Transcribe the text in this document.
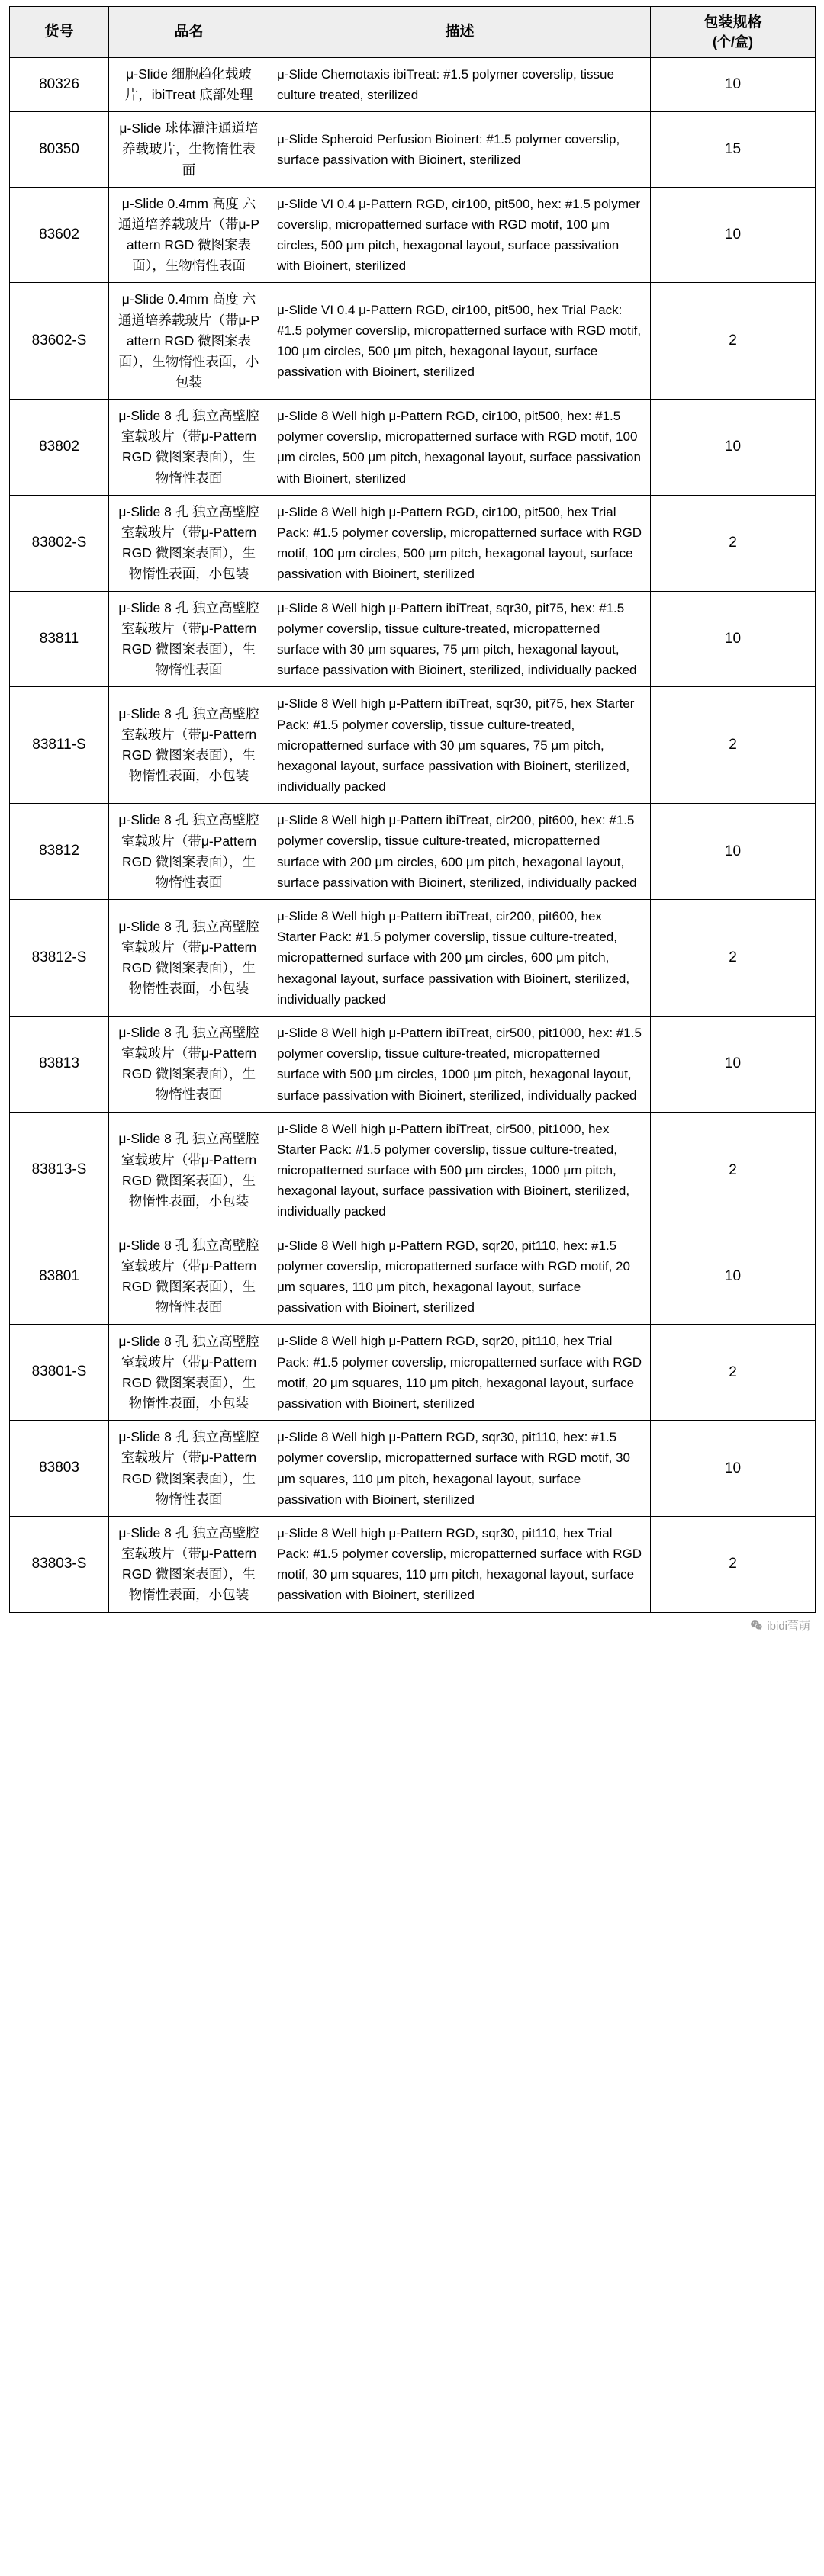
货号	品名	描述	包装规格
(个/盒)

80326	μ-Slide 细胞趋化载玻片，ibiTreat 底部处理	μ-Slide Chemotaxis ibiTreat: #1.5 polymer coverslip, tissue culture treated, sterilized	10
80350	μ-Slide 球体灌注通道培养载玻片，生物惰性表面	μ-Slide Spheroid Perfusion Bioinert: #1.5 polymer coverslip, surface passivation with Bioinert, sterilized	15
83602	μ-Slide 0.4mm 高度 六通道培养载玻片（带μ-Pattern RGD 微图案表面），生物惰性表面	μ-Slide VI 0.4 μ-Pattern RGD, cir100, pit500, hex: #1.5 polymer coverslip, micropatterned surface with RGD motif, 100 μm circles, 500 μm pitch, hexagonal layout, surface passivation with Bioinert, sterilized	10
83602-S	μ-Slide 0.4mm 高度 六通道培养载玻片（带μ-Pattern RGD 微图案表面），生物惰性表面，小包装	μ-Slide VI 0.4 μ-Pattern RGD, cir100, pit500, hex Trial Pack: #1.5 polymer coverslip, micropatterned surface with RGD motif, 100 μm circles, 500 μm pitch, hexagonal layout, surface passivation with Bioinert, sterilized	2
83802	μ-Slide 8 孔 独立高壁腔室载玻片（带μ-Pattern RGD 微图案表面），生物惰性表面	μ-Slide 8 Well high μ-Pattern RGD, cir100, pit500, hex: #1.5 polymer coverslip, micropatterned surface with RGD motif, 100 μm circles, 500 μm pitch, hexagonal layout, surface passivation with Bioinert, sterilized	10
83802-S	μ-Slide 8 孔 独立高壁腔室载玻片（带μ-Pattern RGD 微图案表面），生物惰性表面，小包装	μ-Slide 8 Well high μ-Pattern RGD, cir100, pit500, hex Trial Pack: #1.5 polymer coverslip, micropatterned surface with RGD motif, 100 μm circles, 500 μm pitch, hexagonal layout, surface passivation with Bioinert, sterilized	2
83811	μ-Slide 8 孔 独立高壁腔室载玻片（带μ-Pattern RGD 微图案表面），生物惰性表面	μ-Slide 8 Well high μ-Pattern ibiTreat, sqr30, pit75, hex: #1.5 polymer coverslip, tissue culture-treated, micropatterned surface with 30 μm squares, 75 μm pitch, hexagonal layout, surface passivation with Bioinert, sterilized, individually packed	10
83811-S	μ-Slide 8 孔 独立高壁腔室载玻片（带μ-Pattern RGD 微图案表面），生物惰性表面，小包装	μ-Slide 8 Well high μ-Pattern ibiTreat, sqr30, pit75, hex Starter Pack: #1.5 polymer coverslip, tissue culture-treated, micropatterned surface with 30 μm squares, 75 μm pitch, hexagonal layout, surface passivation with Bioinert, sterilized, individually packed	2
83812	μ-Slide 8 孔 独立高壁腔室载玻片（带μ-Pattern RGD 微图案表面），生物惰性表面	μ-Slide 8 Well high μ-Pattern ibiTreat, cir200, pit600, hex: #1.5 polymer coverslip, tissue culture-treated, micropatterned surface with 200 μm circles, 600 μm pitch, hexagonal layout, surface passivation with Bioinert, sterilized, individually packed	10
83812-S	μ-Slide 8 孔 独立高壁腔室载玻片（带μ-Pattern RGD 微图案表面），生物惰性表面，小包装	μ-Slide 8 Well high μ-Pattern ibiTreat, cir200, pit600, hex Starter Pack: #1.5 polymer coverslip, tissue culture-treated, micropatterned surface with 200 μm circles, 600 μm pitch, hexagonal layout, surface passivation with Bioinert, sterilized, individually packed	2
83813	μ-Slide 8 孔 独立高壁腔室载玻片（带μ-Pattern RGD 微图案表面），生物惰性表面	μ-Slide 8 Well high μ-Pattern ibiTreat, cir500, pit1000, hex: #1.5 polymer coverslip, tissue culture-treated, micropatterned surface with 500 μm circles, 1000 μm pitch, hexagonal layout, surface passivation with Bioinert, sterilized, individually packed	10
83813-S	μ-Slide 8 孔 独立高壁腔室载玻片（带μ-Pattern RGD 微图案表面），生物惰性表面，小包装	μ-Slide 8 Well high μ-Pattern ibiTreat, cir500, pit1000, hex Starter Pack: #1.5 polymer coverslip, tissue culture-treated, micropatterned surface with 500 μm circles, 1000 μm pitch, hexagonal layout, surface passivation with Bioinert, sterilized, individually packed	2
83801	μ-Slide 8 孔 独立高壁腔室载玻片（带μ-Pattern RGD 微图案表面），生物惰性表面	μ-Slide 8 Well high μ-Pattern RGD, sqr20, pit110, hex: #1.5 polymer coverslip, micropatterned surface with RGD motif, 20 μm squares, 110 μm pitch, hexagonal layout, surface passivation with Bioinert, sterilized	10
83801-S	μ-Slide 8 孔 独立高壁腔室载玻片（带μ-Pattern RGD 微图案表面），生物惰性表面，小包装	μ-Slide 8 Well high μ-Pattern RGD, sqr20, pit110, hex Trial Pack: #1.5 polymer coverslip, micropatterned surface with RGD motif, 20 μm squares, 110 μm pitch, hexagonal layout, surface passivation with Bioinert, sterilized	2
83803	μ-Slide 8 孔 独立高壁腔室载玻片（带μ-Pattern RGD 微图案表面），生物惰性表面	μ-Slide 8 Well high μ-Pattern RGD, sqr30, pit110, hex: #1.5 polymer coverslip, micropatterned surface with RGD motif, 30 μm squares, 110 μm pitch, hexagonal layout, surface passivation with Bioinert, sterilized	10
83803-S	μ-Slide 8 孔 独立高壁腔室载玻片（带μ-Pattern RGD 微图案表面），生物惰性表面，小包装	μ-Slide 8 Well high μ-Pattern RGD, sqr30, pit110, hex Trial Pack: #1.5 polymer coverslip, micropatterned surface with RGD motif, 30 μm squares, 110 μm pitch, hexagonal layout, surface passivation with Bioinert, sterilized	2
ibidi蕾萌
